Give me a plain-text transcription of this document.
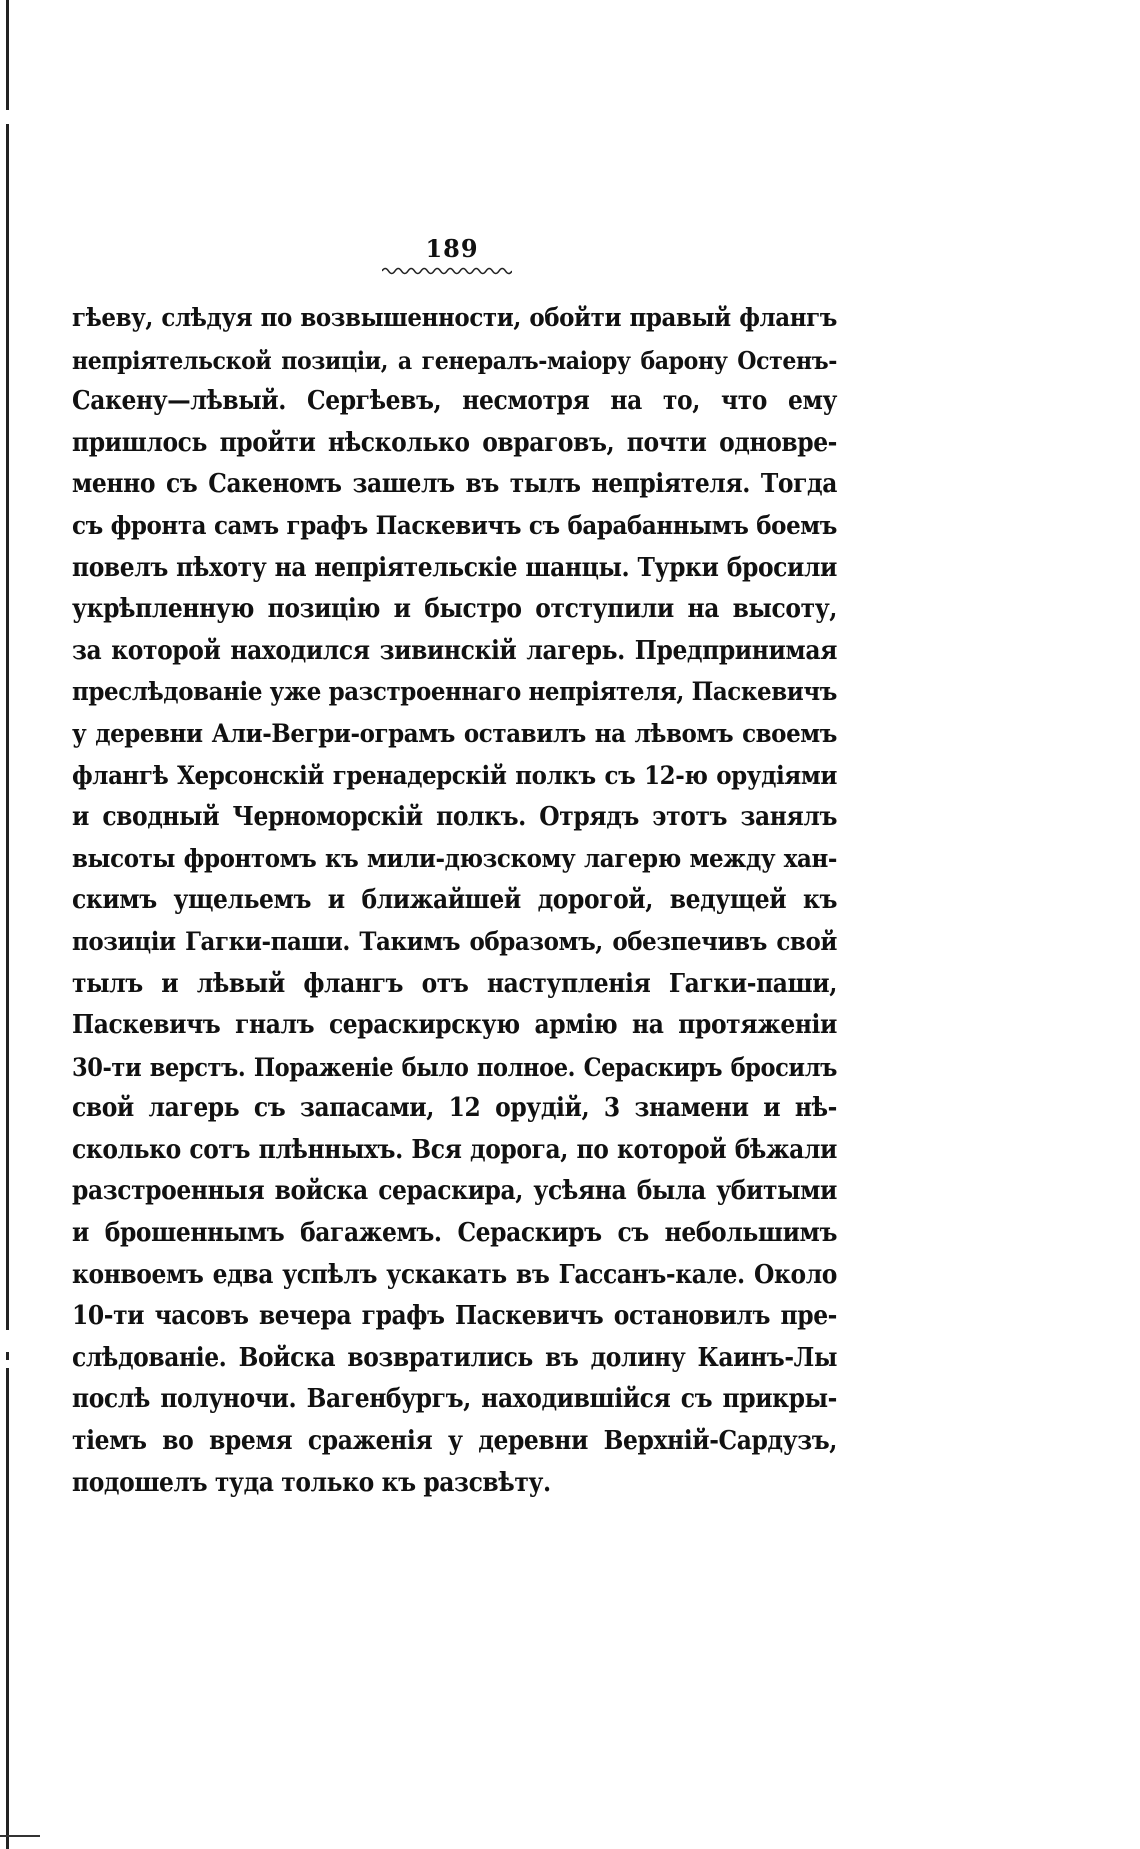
189
гѣеву, слѣдуя по возвышенности, обойти правый флангъ
непріятельской позиціи, а генералъ-маіору барону Остенъ-
Сакену—лѣвый. Сергѣевъ, несмотря на то, что ему
пришлось пройти нѣсколько овраговъ, почти одновре-
менно съ Сакеномъ зашелъ въ тылъ непріятеля. Тогда
съ фронта самъ графъ Паскевичъ съ барабаннымъ боемъ
повелъ пѣхоту на непріятельскіе шанцы. Турки бросили
укрѣпленную позицію и быстро отступили на высоту,
за которой находился зивинскій лагерь. Предпринимая
преслѣдованіе уже разстроеннаго непріятеля, Паскевичъ
у деревни Али-Вегри-ограмъ оставилъ на лѣвомъ своемъ
флангѣ Херсонскій гренадерскій полкъ съ 12-ю орудіями
и сводный Черноморскій полкъ. Отрядъ этотъ занялъ
высоты фронтомъ къ мили-дюзскому лагерю между хан-
скимъ ущельемъ и ближайшей дорогой, ведущей къ
позиціи Гагки-паши. Такимъ образомъ, обезпечивъ свой
тылъ и лѣвый флангъ отъ наступленія Гагки-паши,
Паскевичъ гналъ сераскирскую армію на протяженіи
30-ти верстъ. Пораженіе было полное. Сераскиръ бросилъ
свой лагерь съ запасами, 12 орудій, 3 знамени и нѣ-
сколько сотъ плѣнныхъ. Вся дорога, по которой бѣжали
разстроенныя войска сераскира, усѣяна была убитыми
и брошеннымъ багажемъ. Сераскиръ съ небольшимъ
конвоемъ едва успѣлъ ускакать въ Гассанъ-кале. Около
10-ти часовъ вечера графъ Паскевичъ остановилъ пре-
слѣдованіе. Войска возвратились въ долину Каинъ-Лы
послѣ полуночи. Вагенбургъ, находившійся съ прикры-
тіемъ во время сраженія у деревни Верхній-Сардузъ,
подошелъ туда только къ разсвѣту.
